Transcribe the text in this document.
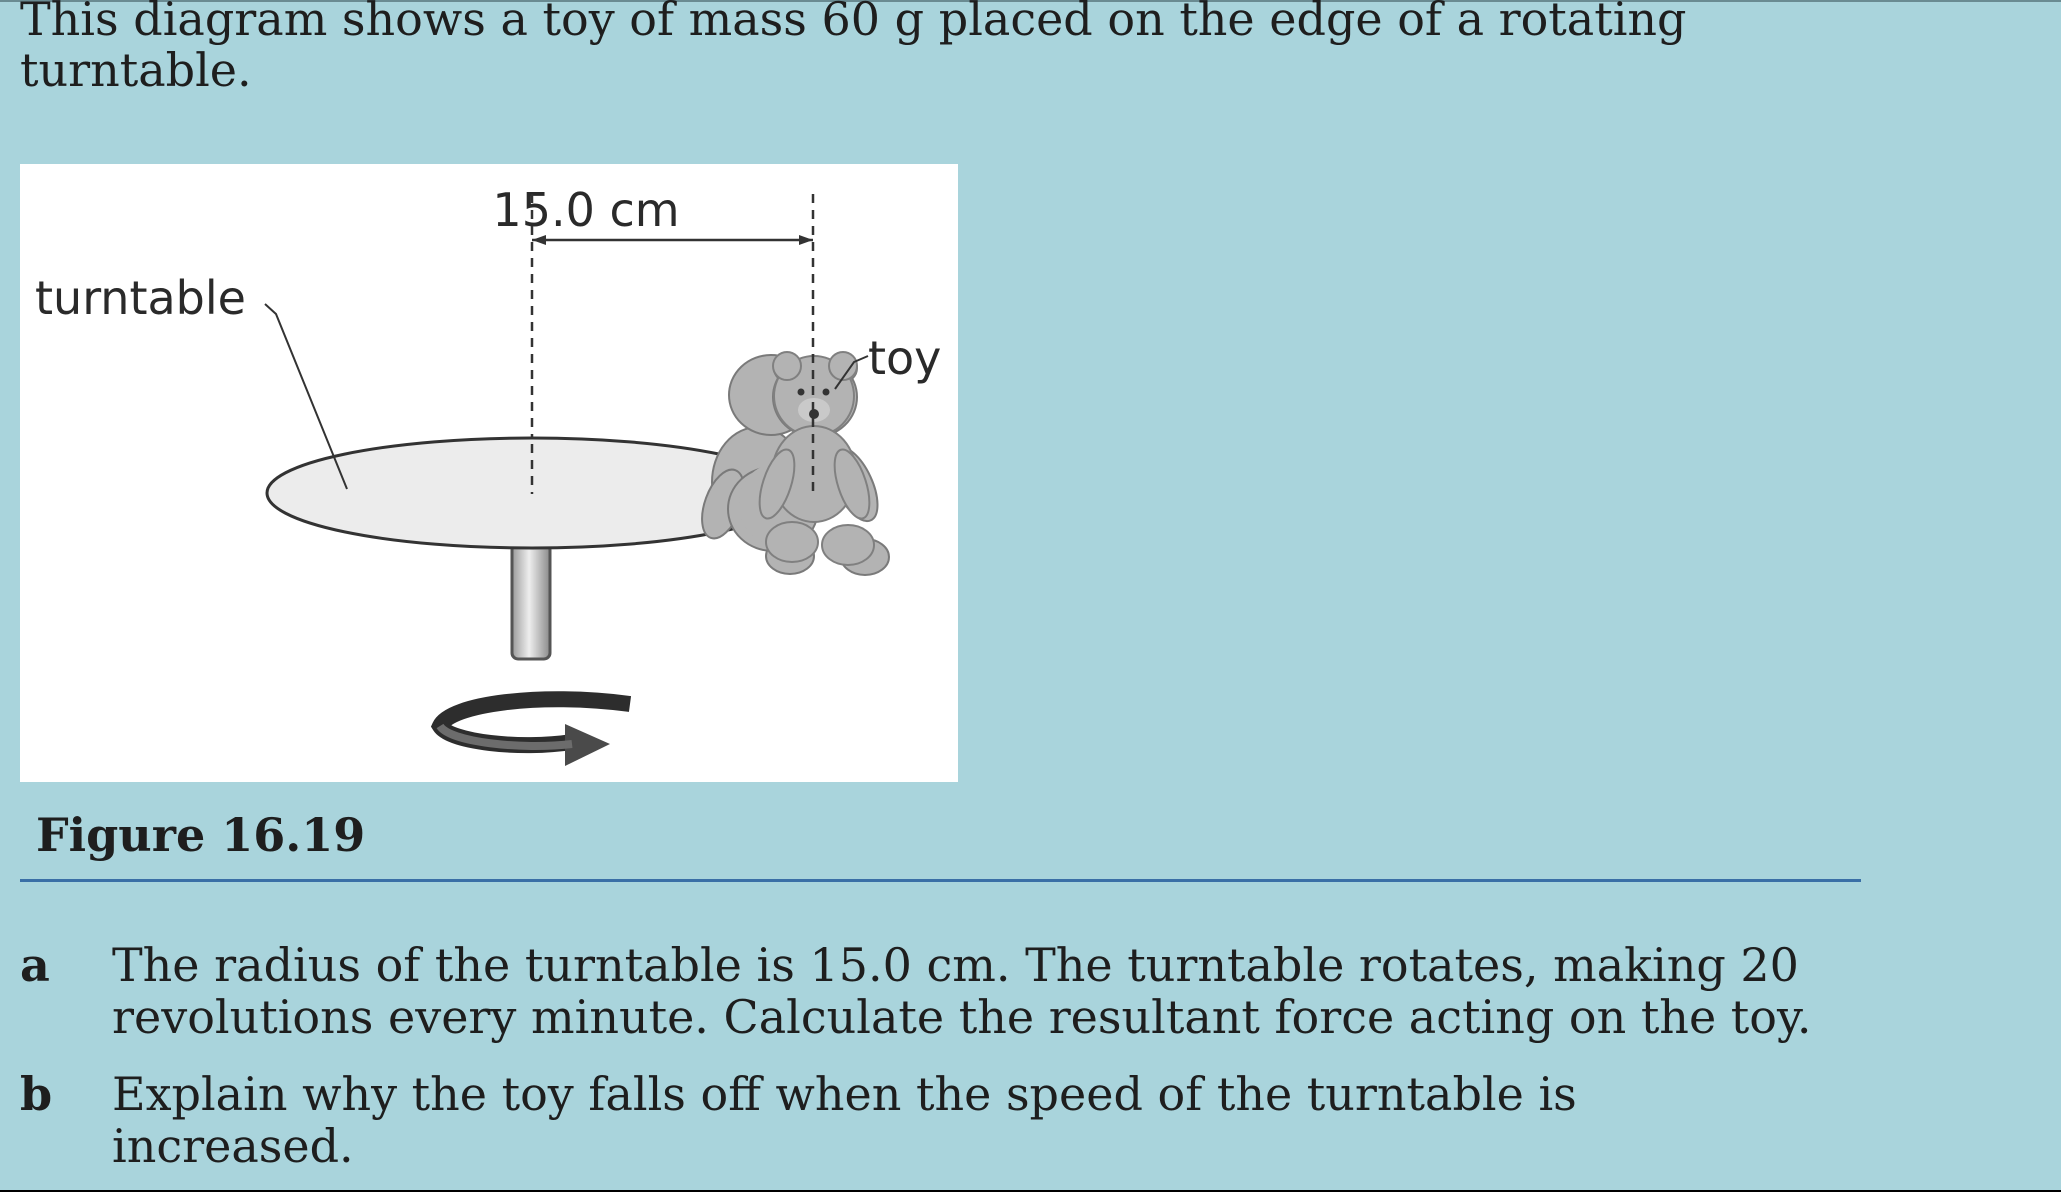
This diagram shows a toy of mass 60 g placed on the edge of a rotating turntable.

15.0 cm
turntable
toy
Figure 16.19
a The radius of the turntable is 15.0 cm. The turntable rotates, making 20 revolutions every minute. Calculate the resultant force acting on the toy.
b Explain why the toy falls off when the speed of the turntable is increased.
